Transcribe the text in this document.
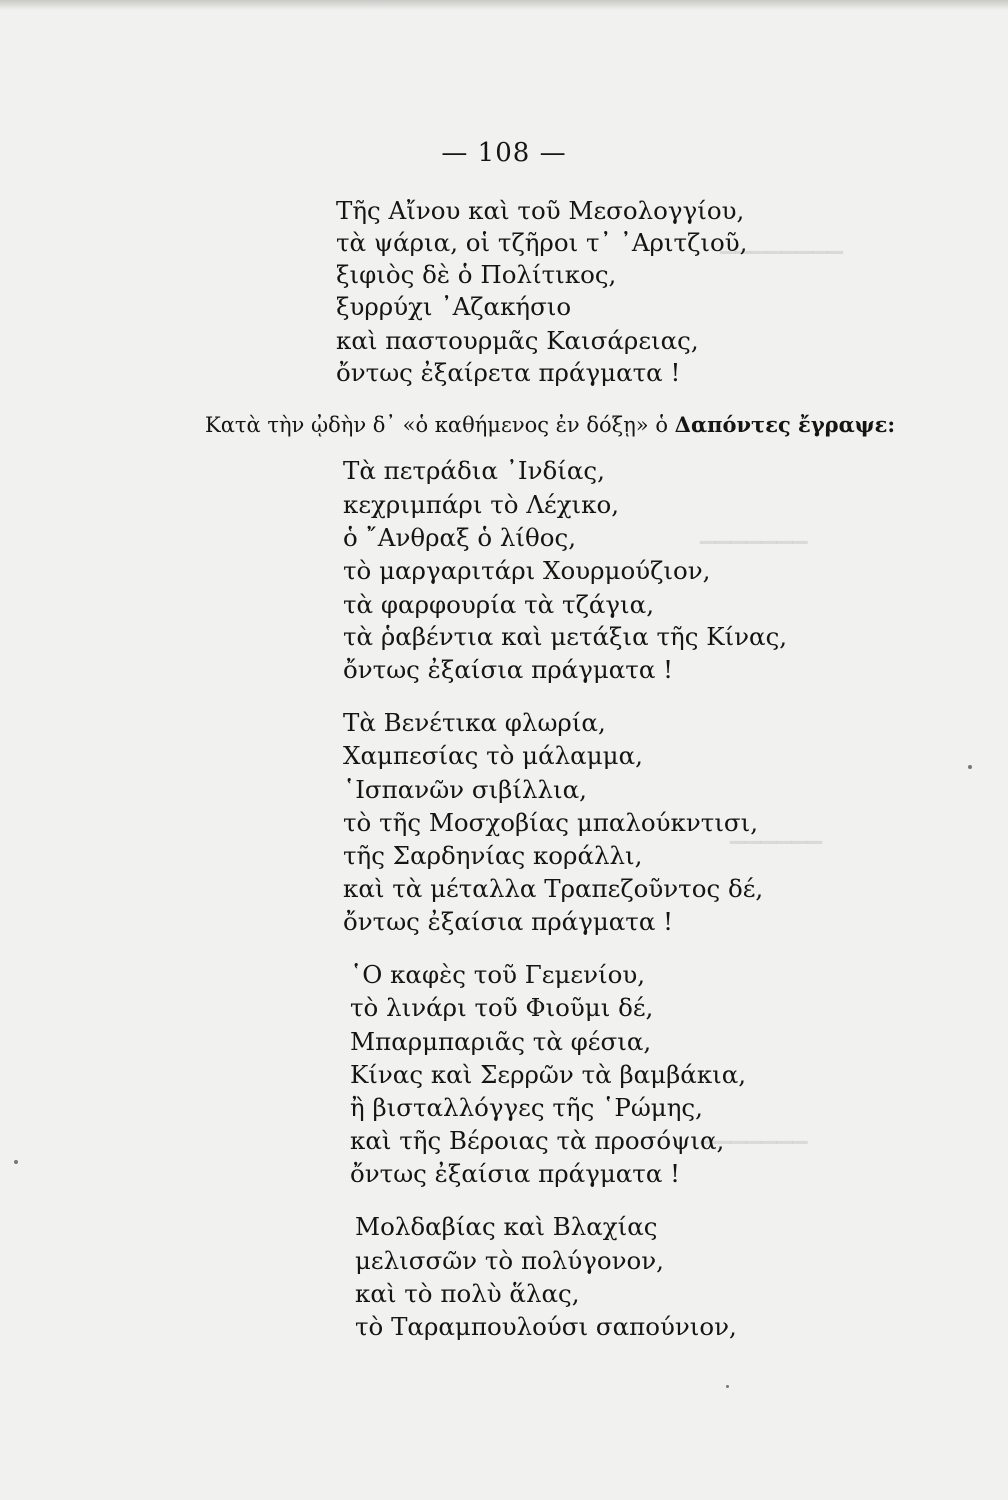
▁▁▁▁▁▁▁▁
▁▁▁▁▁▁▁
▁▁▁▁▁▁
▁▁▁▁▁▁▁
— 108 —
Τῆς Αἴνου καὶ τοῦ Μεσολογγίου,
τὰ ψάρια, οἱ τζῆροι τ᾽ ᾽Αριτζιοῦ,
ξιφιὸς δὲ ὁ Πολίτικος,
ξυρρύχι ᾽Αζακήσιο
καὶ παστουρμᾶς Καισάρειας,
ὄντως ἐξαίρετα πράγματα !
Κατὰ τὴν ᾠδὴν δ᾽ «ὁ καθήμενος ἐν δόξῃ» ὁ Δαπόντες ἔγραψε:
Τὰ πετράδια ᾽Ινδίας,
κεχριμπάρι τὸ Λέχικο,
ὁ ῎Ανθραξ ὁ λίθος,
τὸ μαργαριτάρι Χουρμούζιον,
τὰ φαρφουρία τὰ τζάγια,
τὰ ῥαβέντια καὶ μετάξια τῆς Κίνας,
ὄντως ἐξαίσια πράγματα !
Τὰ Βενέτικα φλωρία,
Χαμπεσίας τὸ μάλαμμα,
῾Ισπανῶν σιβίλλια,
τὸ τῆς Μοσχοβίας μπαλούκντισι,
τῆς Σαρδηνίας κοράλλι,
καὶ τὰ μέταλλα Τραπεζοῦντος δέ,
ὄντως ἐξαίσια πράγματα !
῾Ο καφὲς τοῦ Γεμενίου,
τὸ λινάρι τοῦ Φιοῦμι δέ,
Μπαρμπαριᾶς τὰ φέσια,
Κίνας καὶ Σερρῶν τὰ βαμβάκια,
ἢ βισταλλόγγες τῆς ῾Ρώμης,
καὶ τῆς Βέροιας τὰ προσόψια,
ὄντως ἐξαίσια πράγματα !
Μολδαβίας καὶ Βλαχίας
μελισσῶν τὸ πολύγονον,
καὶ τὸ πολὺ ἅλας,
τὸ Ταραμπουλούσι σαπούνιον,
